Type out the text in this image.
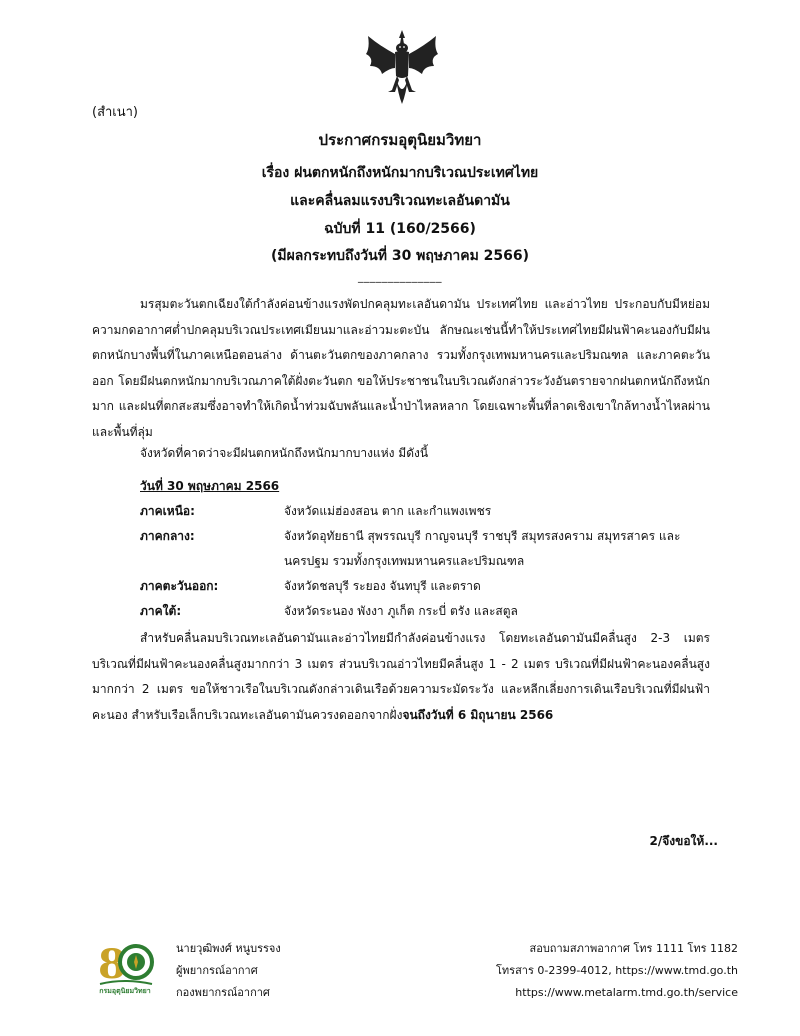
(สำเนา)
ประกาศกรมอุตุนิยมวิทยา
เรื่อง ฝนตกหนักถึงหนักมากบริเวณประเทศไทย
และคลื่นลมแรงบริเวณทะเลอันดามัน
ฉบับที่ 11 (160/2566)
(มีผลกระทบถึงวันที่ 30 พฤษภาคม 2566)
______________

มรสุมตะวันตกเฉียงใต้กำลังค่อนข้างแรงพัดปกคลุมทะเลอันดามัน ประเทศไทย และอ่าวไทย ประกอบกับมีหย่อมความกดอากาศต่ำปกคลุมบริเวณประเทศเมียนมาและอ่าวมะตะบัน ลักษณะเช่นนี้ทำให้ประเทศไทยมีฝนฟ้าคะนองกับมีฝนตกหนักบางพื้นที่ในภาคเหนือตอนล่าง ด้านตะวันตกของภาคกลาง รวมทั้งกรุงเทพมหานครและปริมณฑล และภาคตะวันออก โดยมีฝนตกหนักมากบริเวณภาคใต้ฝั่งตะวันตก ขอให้ประชาชนในบริเวณดังกล่าวระวังอันตรายจากฝนตกหนักถึงหนักมาก และฝนที่ตกสะสมซึ่งอาจทำให้เกิดน้ำท่วมฉับพลันและน้ำป่าไหลหลาก โดยเฉพาะพื้นที่ลาดเชิงเขาใกล้ทางน้ำไหลผ่านและพื้นที่ลุ่ม

จังหวัดที่คาดว่าจะมีฝนตกหนักถึงหนักมากบางแห่ง มีดังนี้

วันที่ 30 พฤษภาคม 2566
ภาคเหนือ:	จังหวัดแม่ฮ่องสอน ตาก และกำแพงเพชร
ภาคกลาง:	จังหวัดอุทัยธานี สุพรรณบุรี กาญจนบุรี ราชบุรี สมุทรสงคราม สมุทรสาคร และนครปฐม รวมทั้งกรุงเทพมหานครและปริมณฑล
ภาคตะวันออก:	จังหวัดชลบุรี ระยอง จันทบุรี และตราด
ภาคใต้:	จังหวัดระนอง พังงา ภูเก็ต กระบี่ ตรัง และสตูล

สำหรับคลื่นลมบริเวณทะเลอันดามันและอ่าวไทยมีกำลังค่อนข้างแรง โดยทะเลอันดามันมีคลื่นสูง 2-3 เมตร บริเวณที่มีฝนฟ้าคะนองคลื่นสูงมากกว่า 3 เมตร ส่วนบริเวณอ่าวไทยมีคลื่นสูง 1 - 2 เมตร บริเวณที่มีฝนฟ้าคะนองคลื่นสูงมากกว่า 2 เมตร ขอให้ชาวเรือในบริเวณดังกล่าวเดินเรือด้วยความระมัดระวัง และหลีกเลี่ยงการเดินเรือบริเวณที่มีฝนฟ้าคะนอง สำหรับเรือเล็กบริเวณทะเลอันดามันควรงดออกจากฝั่งจนถึงวันที่ 6 มิถุนายน 2566

2/จึงขอให้...
8
กรมอุตุนิยมวิทยา
นายวุฒิพงศ์ หนูบรรจง
ผู้พยากรณ์อากาศ
กองพยากรณ์อากาศ
สอบถามสภาพอากาศ โทร 1111 โทร 1182
โทรสาร 0-2399-4012, https://www.tmd.go.th
https://www.metalarm.tmd.go.th/service
